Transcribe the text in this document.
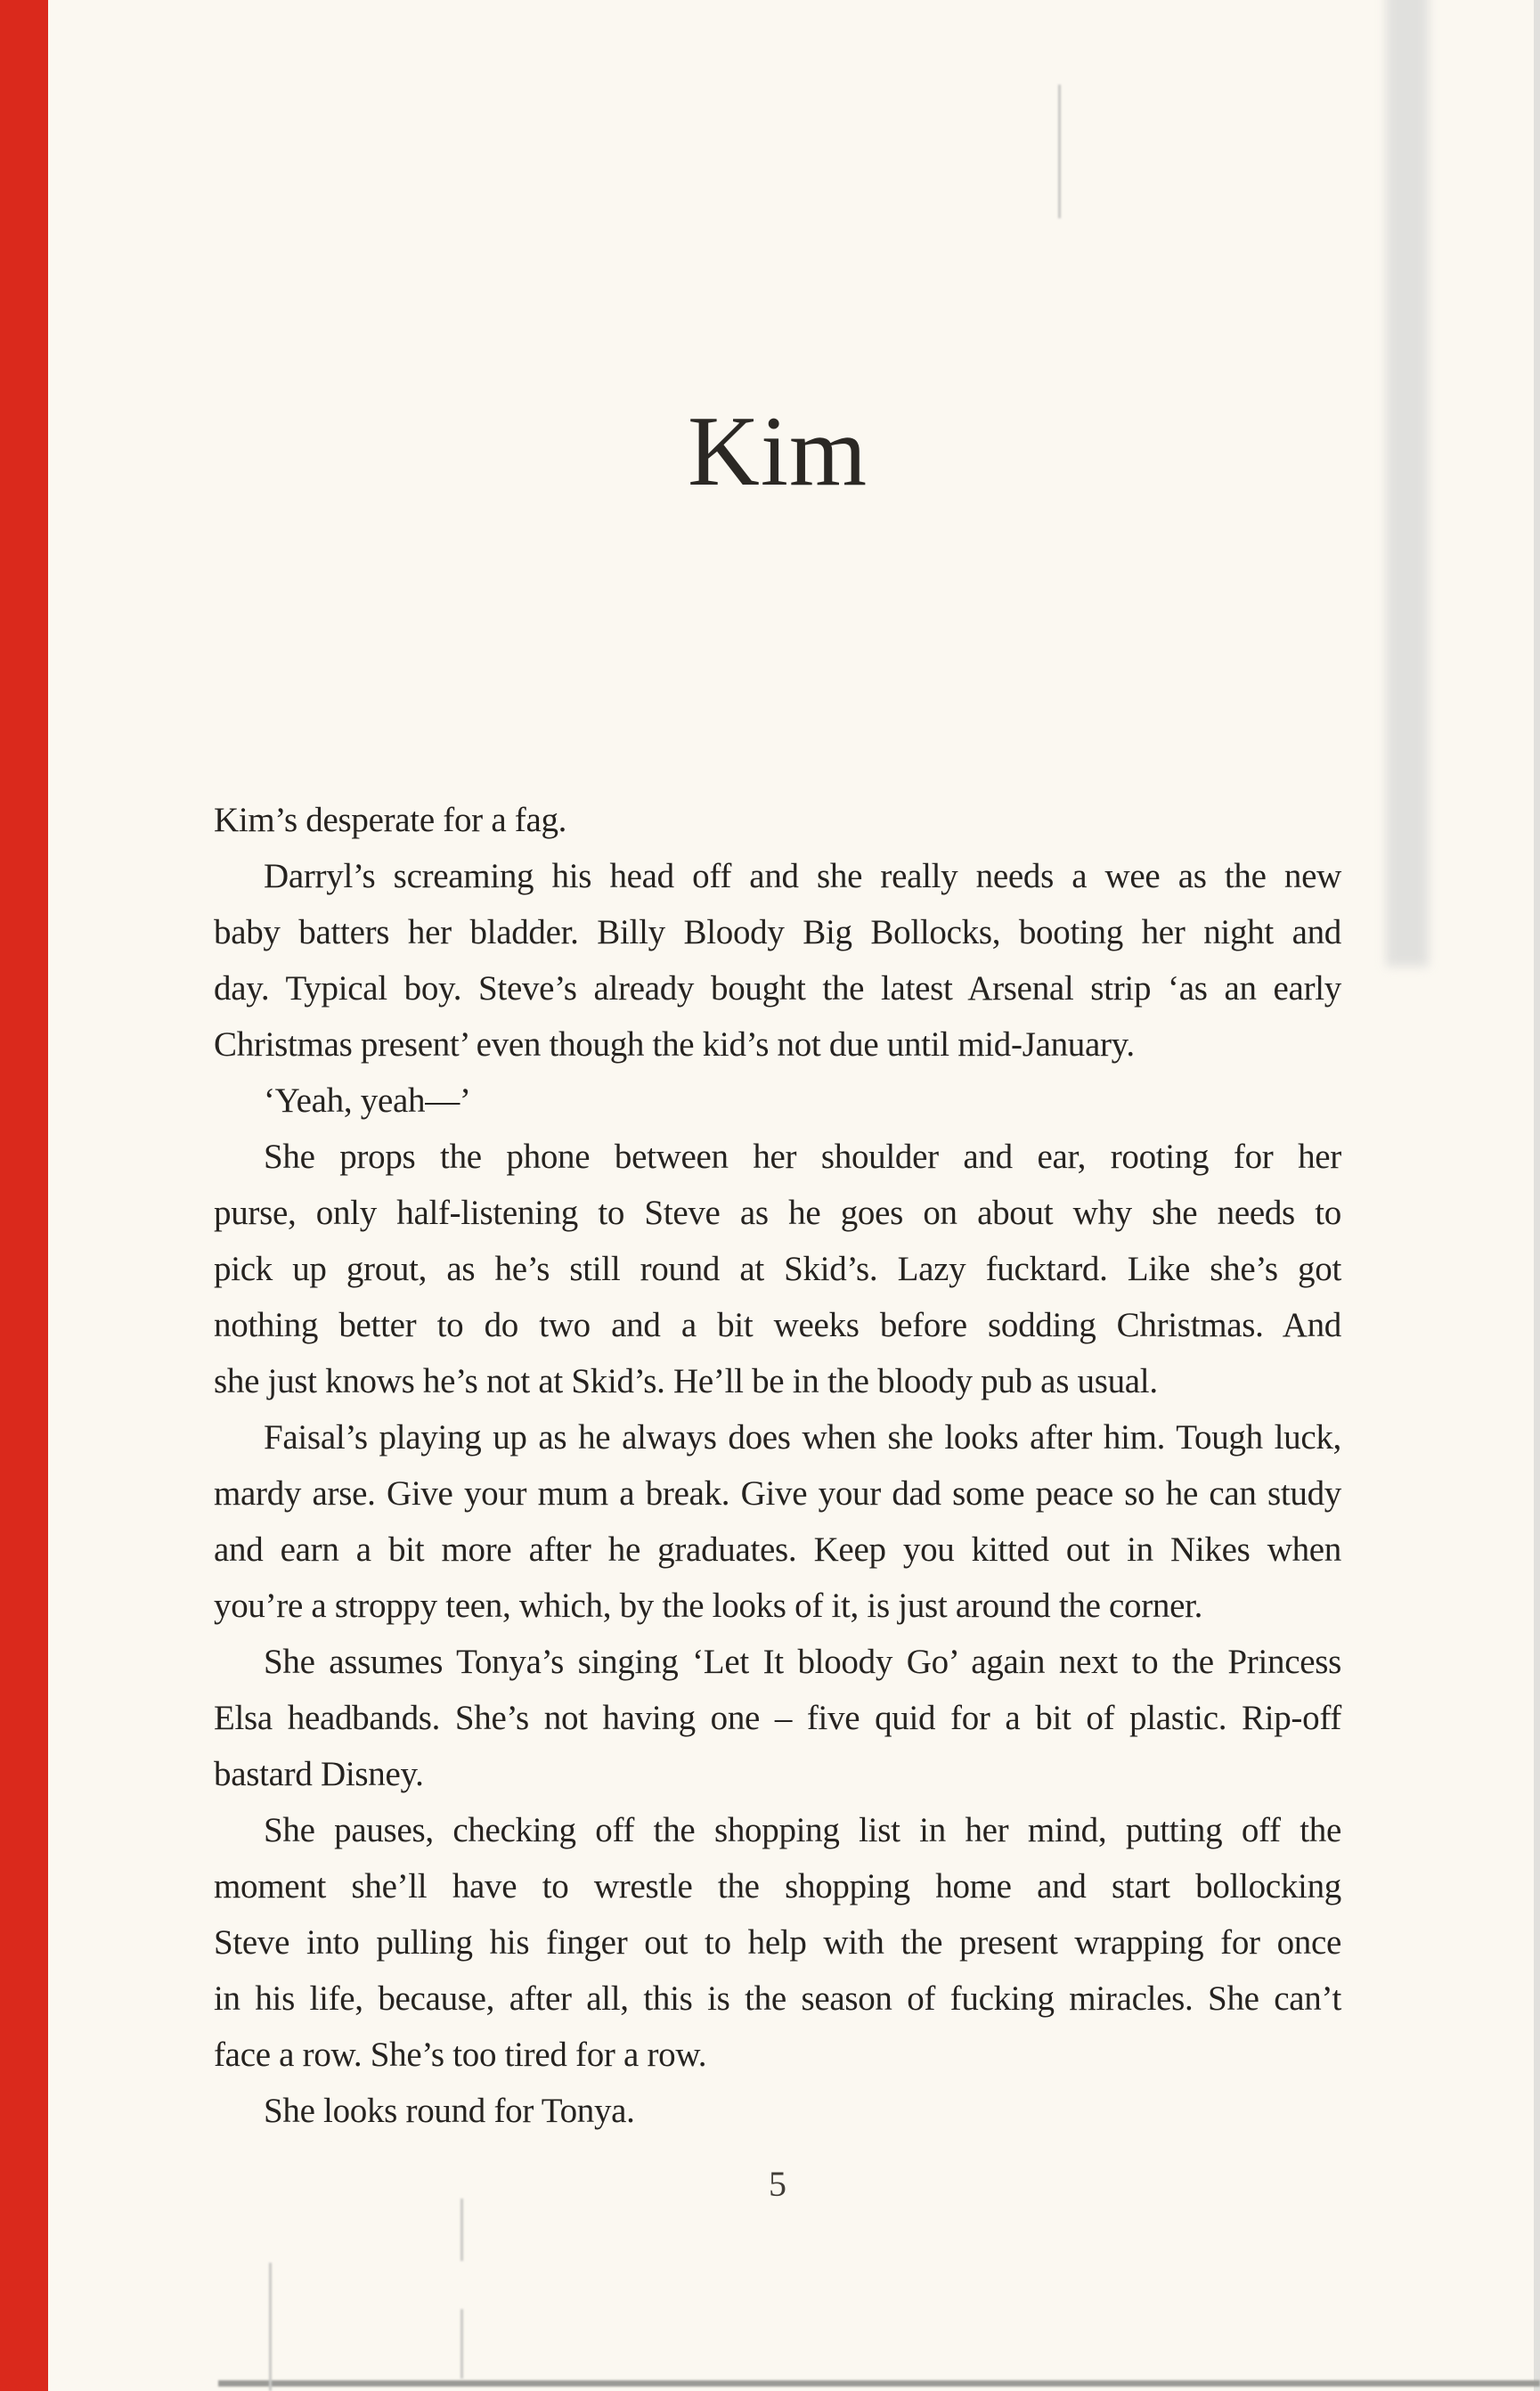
Kim
Kim’s desperate for a fag.
Darryl’s screaming his head off and she really needs a wee as the new
baby batters her bladder. Billy Bloody Big Bollocks, booting her night and
day. Typical boy. Steve’s already bought the latest Arsenal strip ‘as an early
Christmas present’ even though the kid’s not due until mid-January.
‘Yeah, yeah—’
She props the phone between her shoulder and ear, rooting for her
purse, only half-listening to Steve as he goes on about why she needs to
pick up grout, as he’s still round at Skid’s. Lazy fucktard. Like she’s got
nothing better to do two and a bit weeks before sodding Christmas. And
she just knows he’s not at Skid’s. He’ll be in the bloody pub as usual.
Faisal’s playing up as he always does when she looks after him. Tough luck,
mardy arse. Give your mum a break. Give your dad some peace so he can study
and earn a bit more after he graduates. Keep you kitted out in Nikes when
you’re a stroppy teen, which, by the looks of it, is just around the corner.
She assumes Tonya’s singing ‘Let It bloody Go’ again next to the Princess
Elsa headbands. She’s not having one – five quid for a bit of plastic. Rip-off
bastard Disney.
She pauses, checking off the shopping list in her mind, putting off the
moment she’ll have to wrestle the shopping home and start bollocking
Steve into pulling his finger out to help with the present wrapping for once
in his life, because, after all, this is the season of fucking miracles. She can’t
face a row. She’s too tired for a row.
She looks round for Tonya.
5
